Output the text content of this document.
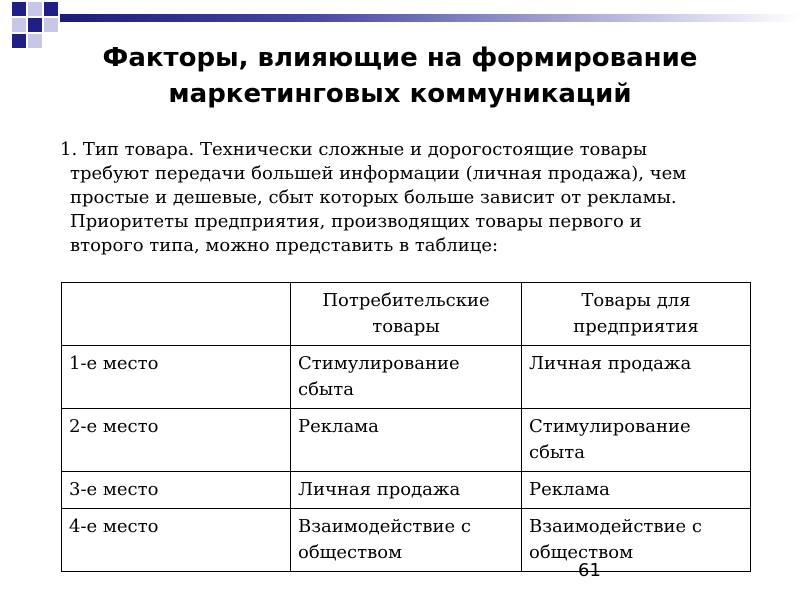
Факторы, влияющие на формирование
маркетинговых коммуникаций
1. Тип товара. Технически сложные и дорогостоящие товары
требуют передачи большей информации (личная продажа), чем
простые и дешевые, сбыт которых больше зависит от рекламы.
Приоритеты предприятия, производящих товары первого и
второго типа, можно представить в таблице:
	Потребительские товары	Товары для предприятия
1-е место	Стимулирование сбыта	Личная продажа
2-е место	Реклама	Стимулирование сбыта
3-е место	Личная продажа	Реклама
4-е место	Взаимодействие с обществом	Взаимодействие с обществом
61
